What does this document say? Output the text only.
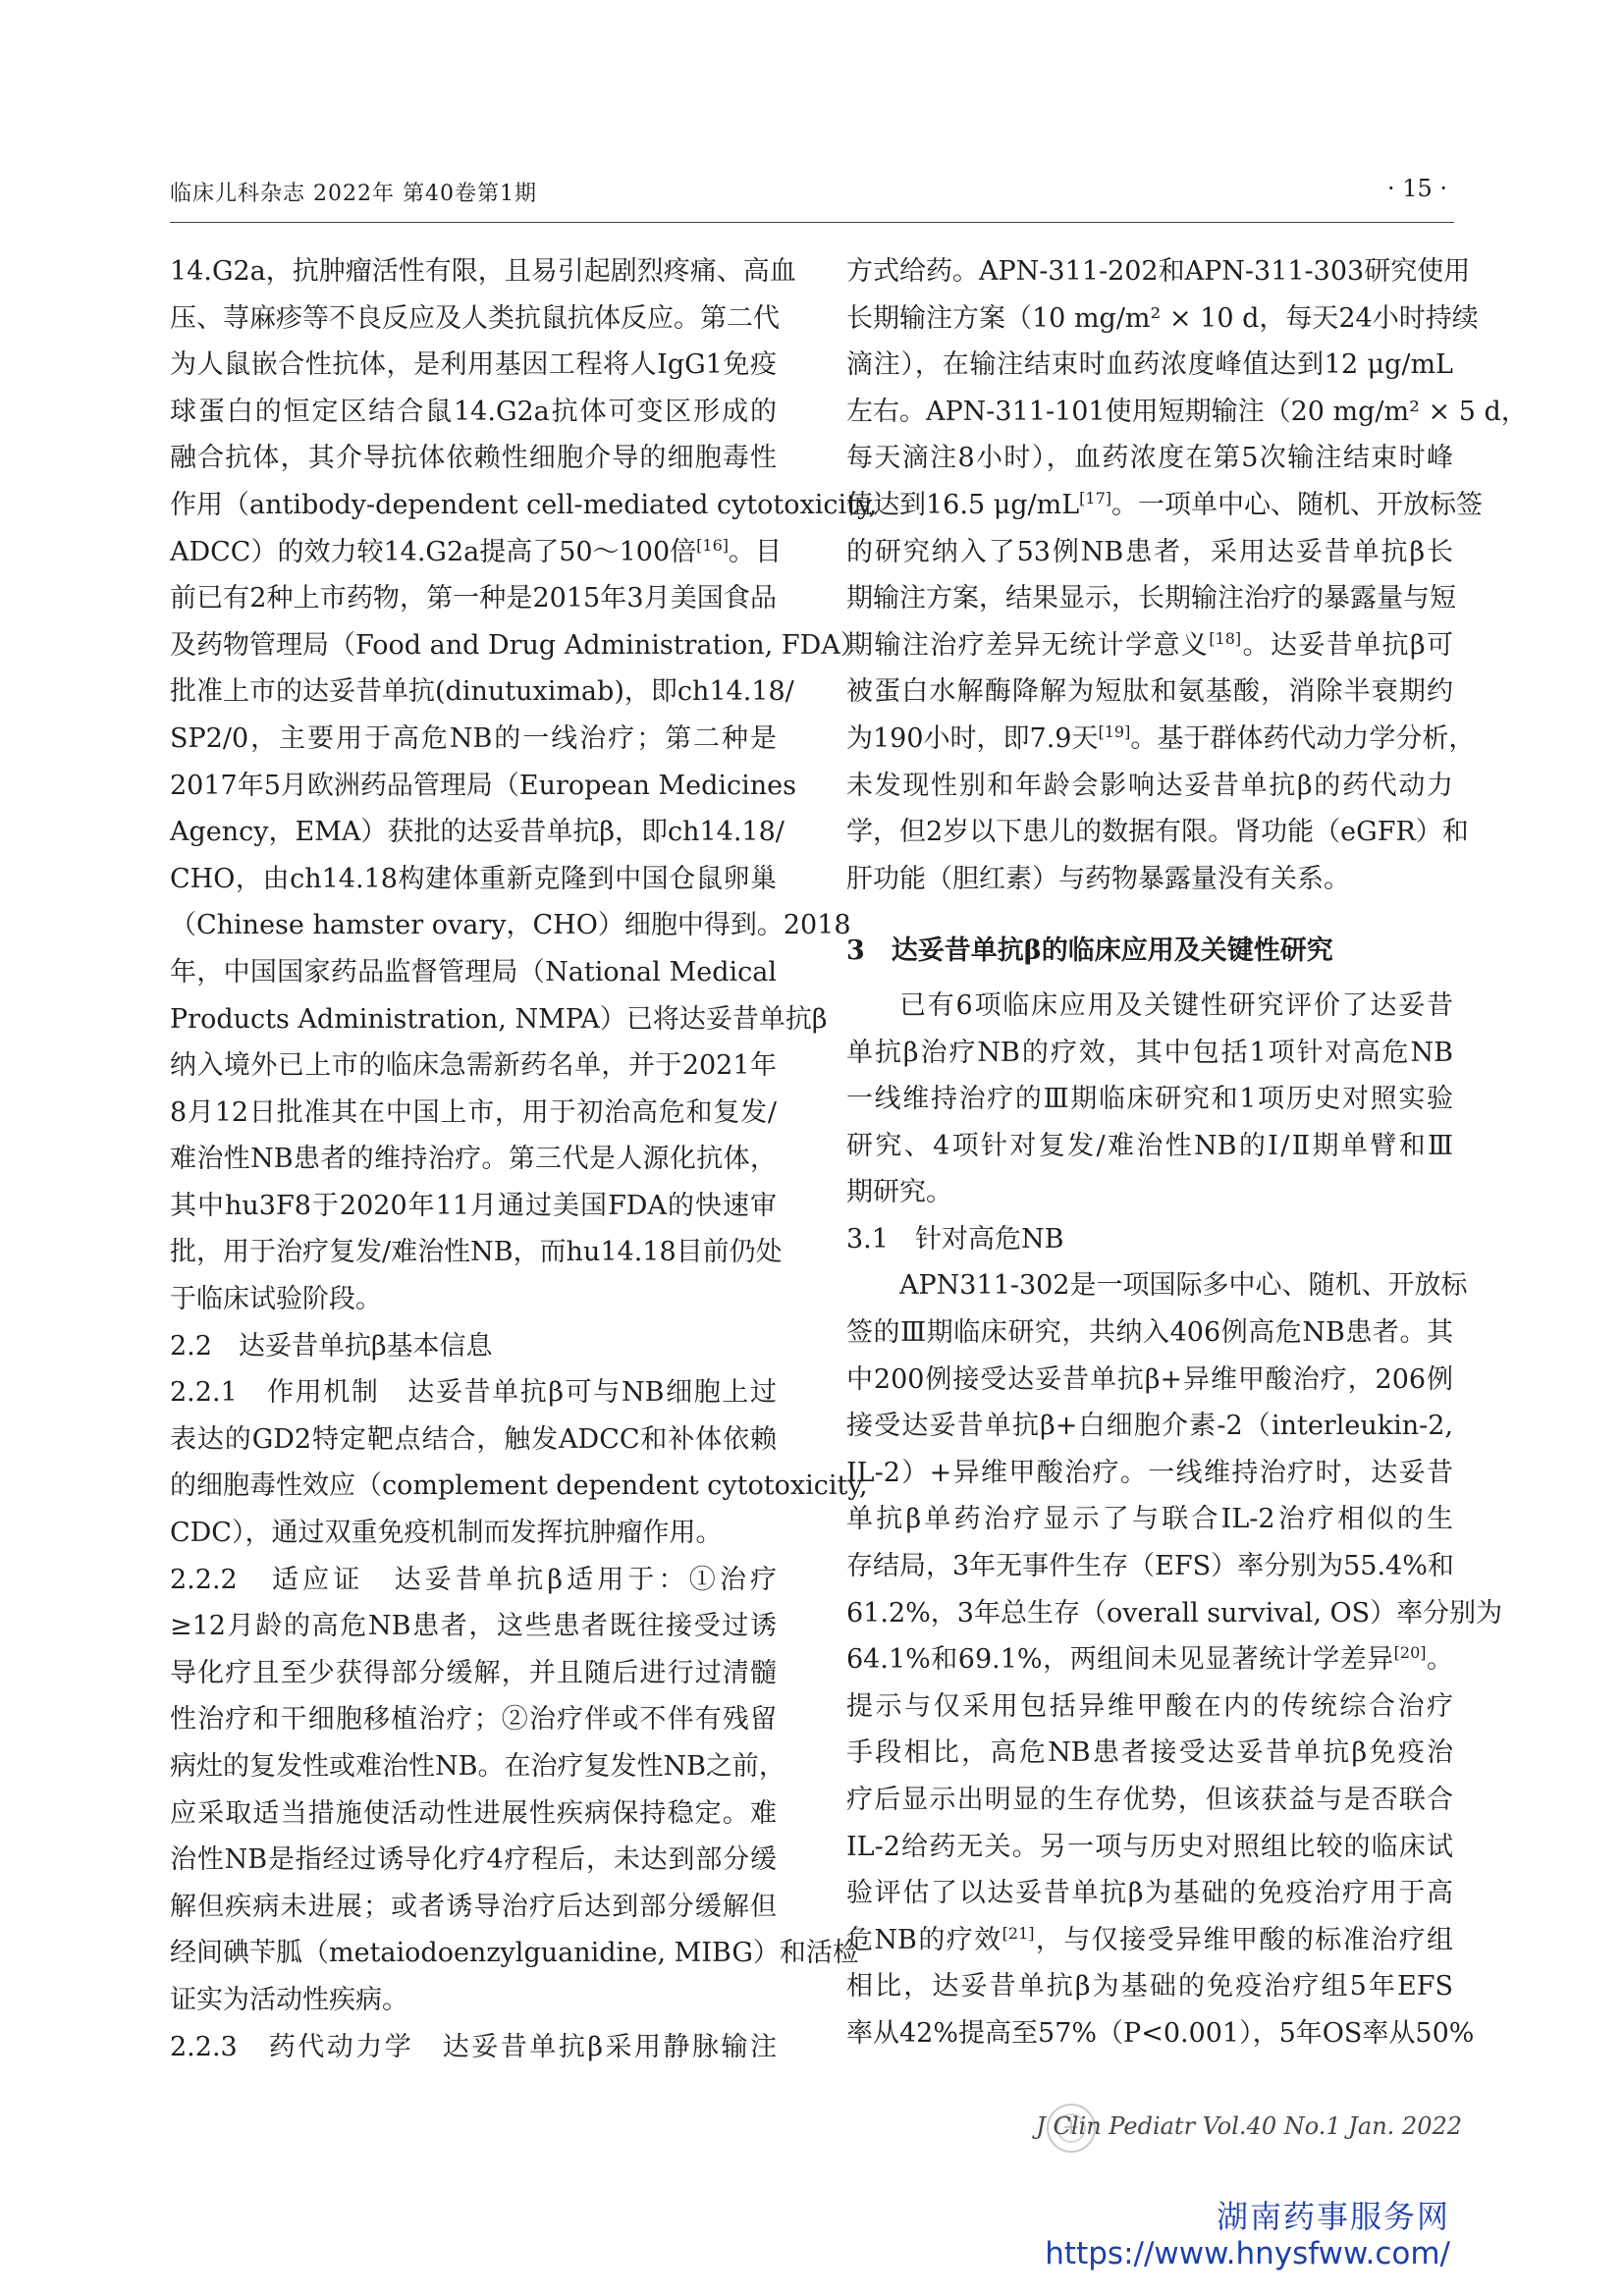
临床儿科杂志 2022年 第40卷第1期	· 15 ·
14.G2a，抗肿瘤活性有限，且易引起剧烈疼痛、高血
压、荨麻疹等不良反应及人类抗鼠抗体反应。第二代
为人鼠嵌合性抗体，是利用基因工程将人IgG1免疫
球蛋白的恒定区结合鼠14.G2a抗体可变区形成的
融合抗体，其介导抗体依赖性细胞介导的细胞毒性
作用（antibody-dependent cell-mediated cytotoxicity,
ADCC）的效力较14.G2a提高了50～100倍[16]。目
前已有2种上市药物，第一种是2015年3月美国食品
及药物管理局（Food and Drug Administration, FDA）
批准上市的达妥昔单抗(dinutuximab)，即ch14.18/
SP2/0，主要用于高危NB的一线治疗；第二种是
2017年5月欧洲药品管理局（European Medicines
Agency，EMA）获批的达妥昔单抗β，即ch14.18/
CHO，由ch14.18构建体重新克隆到中国仓鼠卵巢
（Chinese hamster ovary，CHO）细胞中得到。2018
年，中国国家药品监督管理局（National Medical
Products Administration, NMPA）已将达妥昔单抗β
纳入境外已上市的临床急需新药名单，并于2021年
8月12日批准其在中国上市，用于初治高危和复发/
难治性NB患者的维持治疗。第三代是人源化抗体，
其中hu3F8于2020年11月通过美国FDA的快速审
批，用于治疗复发/难治性NB，而hu14.18目前仍处
于临床试验阶段。
2.2　达妥昔单抗β基本信息
2.2.1　作用机制　达妥昔单抗β可与NB细胞上过
表达的GD2特定靶点结合，触发ADCC和补体依赖
的细胞毒性效应（complement dependent cytotoxicity,
CDC），通过双重免疫机制而发挥抗肿瘤作用。
2.2.2　适应证　达妥昔单抗β适用于：①治疗
≥12月龄的高危NB患者，这些患者既往接受过诱
导化疗且至少获得部分缓解，并且随后进行过清髓
性治疗和干细胞移植治疗；②治疗伴或不伴有残留
病灶的复发性或难治性NB。在治疗复发性NB之前，
应采取适当措施使活动性进展性疾病保持稳定。难
治性NB是指经过诱导化疗4疗程后，未达到部分缓
解但疾病未进展；或者诱导治疗后达到部分缓解但
经间碘苄胍（metaiodoenzylguanidine, MIBG）和活检
证实为活动性疾病。
2.2.3　药代动力学　达妥昔单抗β采用静脉输注
方式给药。APN-311-202和APN-311-303研究使用
长期输注方案（10 mg/m² × 10 d，每天24小时持续
滴注），在输注结束时血药浓度峰值达到12 μg/mL
左右。APN-311-101使用短期输注（20 mg/m² × 5 d，
每天滴注8小时），血药浓度在第5次输注结束时峰
值达到16.5 μg/mL[17]。一项单中心、随机、开放标签
的研究纳入了53例NB患者，采用达妥昔单抗β长
期输注方案，结果显示，长期输注治疗的暴露量与短
期输注治疗差异无统计学意义[18]。达妥昔单抗β可
被蛋白水解酶降解为短肽和氨基酸，消除半衰期约
为190小时，即7.9天[19]。基于群体药代动力学分析，
未发现性别和年龄会影响达妥昔单抗β的药代动力
学，但2岁以下患儿的数据有限。肾功能（eGFR）和
肝功能（胆红素）与药物暴露量没有关系。
3　达妥昔单抗β的临床应用及关键性研究
已有6项临床应用及关键性研究评价了达妥昔
单抗β治疗NB的疗效，其中包括1项针对高危NB
一线维持治疗的Ⅲ期临床研究和1项历史对照实验
研究、4项针对复发/难治性NB的Ⅰ/Ⅱ期单臂和Ⅲ
期研究。
3.1　针对高危NB
APN311-302是一项国际多中心、随机、开放标
签的Ⅲ期临床研究，共纳入406例高危NB患者。其
中200例接受达妥昔单抗β+异维甲酸治疗，206例
接受达妥昔单抗β+白细胞介素-2（interleukin-2,
IL-2）+异维甲酸治疗。一线维持治疗时，达妥昔
单抗β单药治疗显示了与联合IL-2治疗相似的生
存结局，3年无事件生存（EFS）率分别为55.4%和
61.2%，3年总生存（overall survival, OS）率分别为
64.1%和69.1%，两组间未见显著统计学差异[20]。
提示与仅采用包括异维甲酸在内的传统综合治疗
手段相比，高危NB患者接受达妥昔单抗β免疫治
疗后显示出明显的生存优势，但该获益与是否联合
IL-2给药无关。另一项与历史对照组比较的临床试
验评估了以达妥昔单抗β为基础的免疫治疗用于高
危NB的疗效[21]，与仅接受异维甲酸的标准治疗组
相比，达妥昔单抗β为基础的免疫治疗组5年EFS
率从42%提高至57%（P<0.001），5年OS率从50%
+
J Clin Pediatr Vol.40 No.1 Jan. 2022
湖南药事服务网
https://www.hnysfww.com/
